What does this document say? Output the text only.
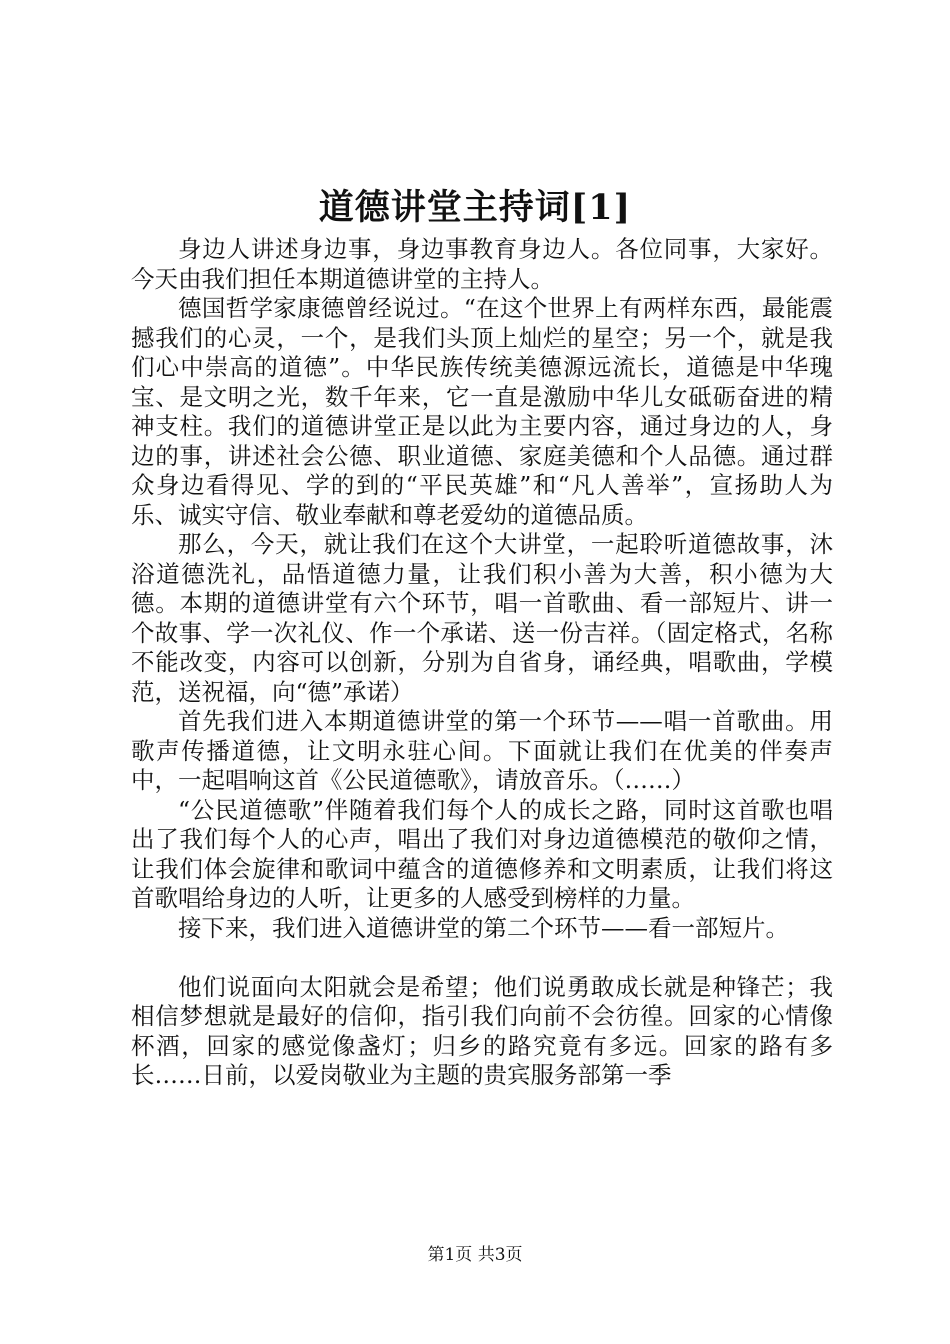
道德讲堂主持词[1]

身边人讲述身边事，身边事教育身边人。各位同事，大家好。今天由我们担任本期道德讲堂的主持人。

德国哲学家康德曾经说过。“在这个世界上有两样东西，最能震撼我们的心灵，一个，是我们头顶上灿烂的星空；另一个，就是我们心中崇高的道德”。中华民族传统美德源远流长，道德是中华瑰宝、是文明之光，数千年来，它一直是激励中华儿女砥砺奋进的精神支柱。我们的道德讲堂正是以此为主要内容，通过身边的人，身边的事，讲述社会公德、职业道德、家庭美德和个人品德。通过群众身边看得见、学的到的“平民英雄”和“凡人善举”，宣扬助人为乐、诚实守信、敬业奉献和尊老爱幼的道德品质。

那么，今天，就让我们在这个大讲堂，一起聆听道德故事，沐浴道德洗礼，品悟道德力量，让我们积小善为大善，积小德为大德。本期的道德讲堂有六个环节，唱一首歌曲、看一部短片、讲一个故事、学一次礼仪、作一个承诺、送一份吉祥。（固定格式，名称不能改变，内容可以创新，分别为自省身，诵经典，唱歌曲，学模范，送祝福，向“德”承诺）

首先我们进入本期道德讲堂的第一个环节——唱一首歌曲。用歌声传播道德，让文明永驻心间。下面就让我们在优美的伴奏声中，一起唱响这首《公民道德歌》，请放音乐。（……）

“公民道德歌”伴随着我们每个人的成长之路，同时这首歌也唱出了我们每个人的心声，唱出了我们对身边道德模范的敬仰之情，让我们体会旋律和歌词中蕴含的道德修养和文明素质，让我们将这首歌唱给身边的人听，让更多的人感受到榜样的力量。

接下来，我们进入道德讲堂的第二个环节——看一部短片。

他们说面向太阳就会是希望；他们说勇敢成长就是种锋芒；我相信梦想就是最好的信仰，指引我们向前不会彷徨。回家的心情像杯酒，回家的感觉像盏灯；归乡的路究竟有多远。回家的路有多长……日前，以爱岗敬业为主题的贵宾服务部第一季

第1页 共3页
